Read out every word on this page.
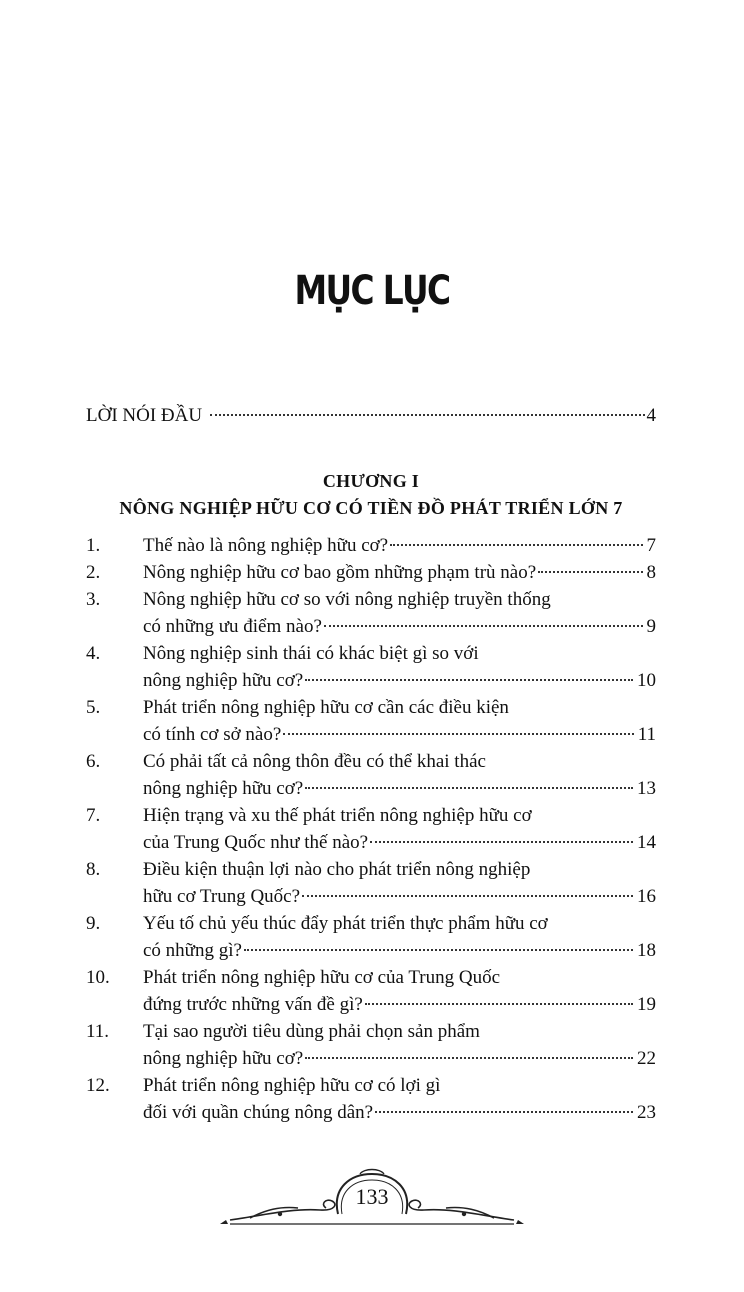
MỤC LỤC
LỜI NÓI ĐẦU	4
CHƯƠNG I
NÔNG NGHIỆP HỮU CƠ CÓ TIỀN ĐỒ PHÁT TRIỂN LỚN 7
1.	Thế nào là nông nghiệp hữu cơ?	7
2.	Nông nghiệp hữu cơ bao gồm những phạm trù nào?	8
3.	Nông nghiệp hữu cơ so với nông nghiệp truyền thống
có những ưu điểm nào?	9
4.	Nông nghiệp sinh thái có khác biệt gì so với
nông nghiệp hữu cơ?	10
5.	Phát triển nông nghiệp hữu cơ cần các điều kiện
có tính cơ sở nào?	11
6.	Có phải tất cả nông thôn đều có thể khai thác
nông nghiệp hữu cơ?	13
7.	Hiện trạng và xu thế phát triển nông nghiệp hữu cơ
của Trung Quốc như thế nào?	14
8.	Điều kiện thuận lợi nào cho phát triển nông nghiệp
hữu cơ Trung Quốc?	16
9.	Yếu tố chủ yếu thúc đẩy phát triển thực phẩm hữu cơ
có những gì?	18
10.	Phát triển nông nghiệp hữu cơ của Trung Quốc
đứng trước những vấn đề gì?	19
11.	Tại sao người tiêu dùng phải chọn sản phẩm
nông nghiệp hữu cơ?	22
12.	Phát triển nông nghiệp hữu cơ có lợi gì
đối với quần chúng nông dân?	23
133
